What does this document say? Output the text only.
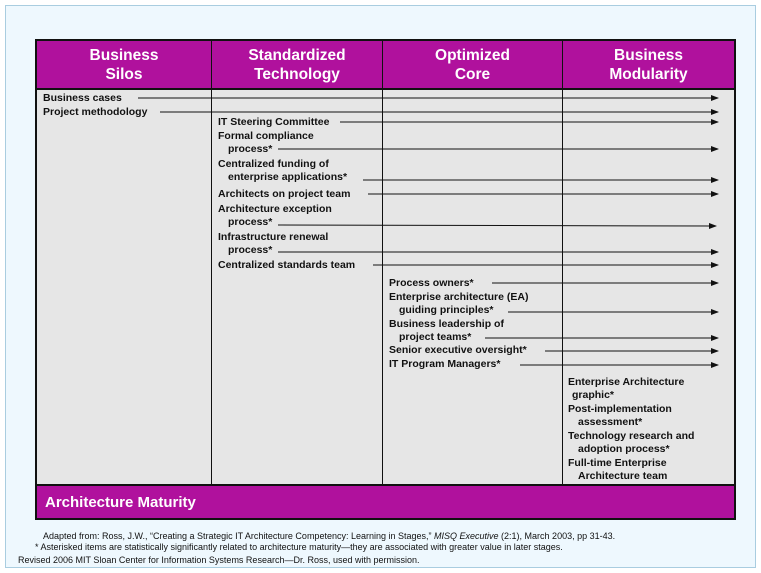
Business
Silos
Standardized
Technology
Optimized
Core
Business
Modularity
Business cases
Project methodology
IT Steering Committee
Formal compliance
process*
Centralized funding of
enterprise applications*
Architects on project team
Architecture exception
process*
Infrastructure renewal
process*
Centralized standards team
Process owners*
Enterprise architecture (EA)
guiding principles*
Business leadership of
project teams*
Senior executive oversight*
IT Program Managers*
Enterprise Architecture
graphic*
Post-implementation
assessment*
Technology research and
adoption process*
Full-time Enterprise
Architecture team
Architecture Maturity
Adapted from: Ross, J.W., “Creating a Strategic IT Architecture Competency: Learning in Stages,” MISQ Executive (2:1), March 2003, pp 31-43.
* Asterisked items are statistically significantly related to architecture maturity—they are associated with greater value in later stages.
Revised 2006 MIT Sloan Center for Information Systems Research—Dr. Ross, used with permission.
